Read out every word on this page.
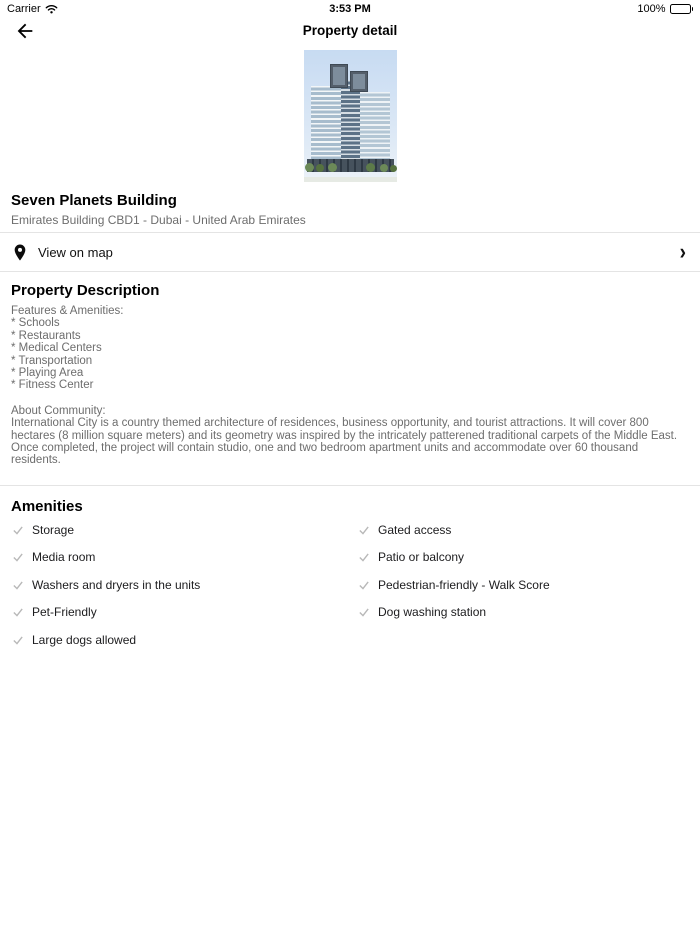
Carrier	3:53 PM	100%
Property detail
Seven Planets Building
Emirates Building CBD1 - Dubai - United Arab Emirates
View on map	›
Property Description
Features & Amenities:
* Schools
* Restaurants
* Medical Centers
* Transportation
* Playing Area
* Fitness Center
About Community:
International City is a country themed architecture of residences, business opportunity, and tourist attractions. It will cover 800 hectares (8 million square meters) and its geometry was inspired by the intricately patterened traditional carpets of the Middle East. Once completed, the project will contain studio, one and two bedroom apartment units and accommodate over 60 thousand residents.
Amenities
Storage
Media room
Washers and dryers in the units
Pet-Friendly
Large dogs allowed
Gated access
Patio or balcony
Pedestrian-friendly - Walk Score
Dog washing station
